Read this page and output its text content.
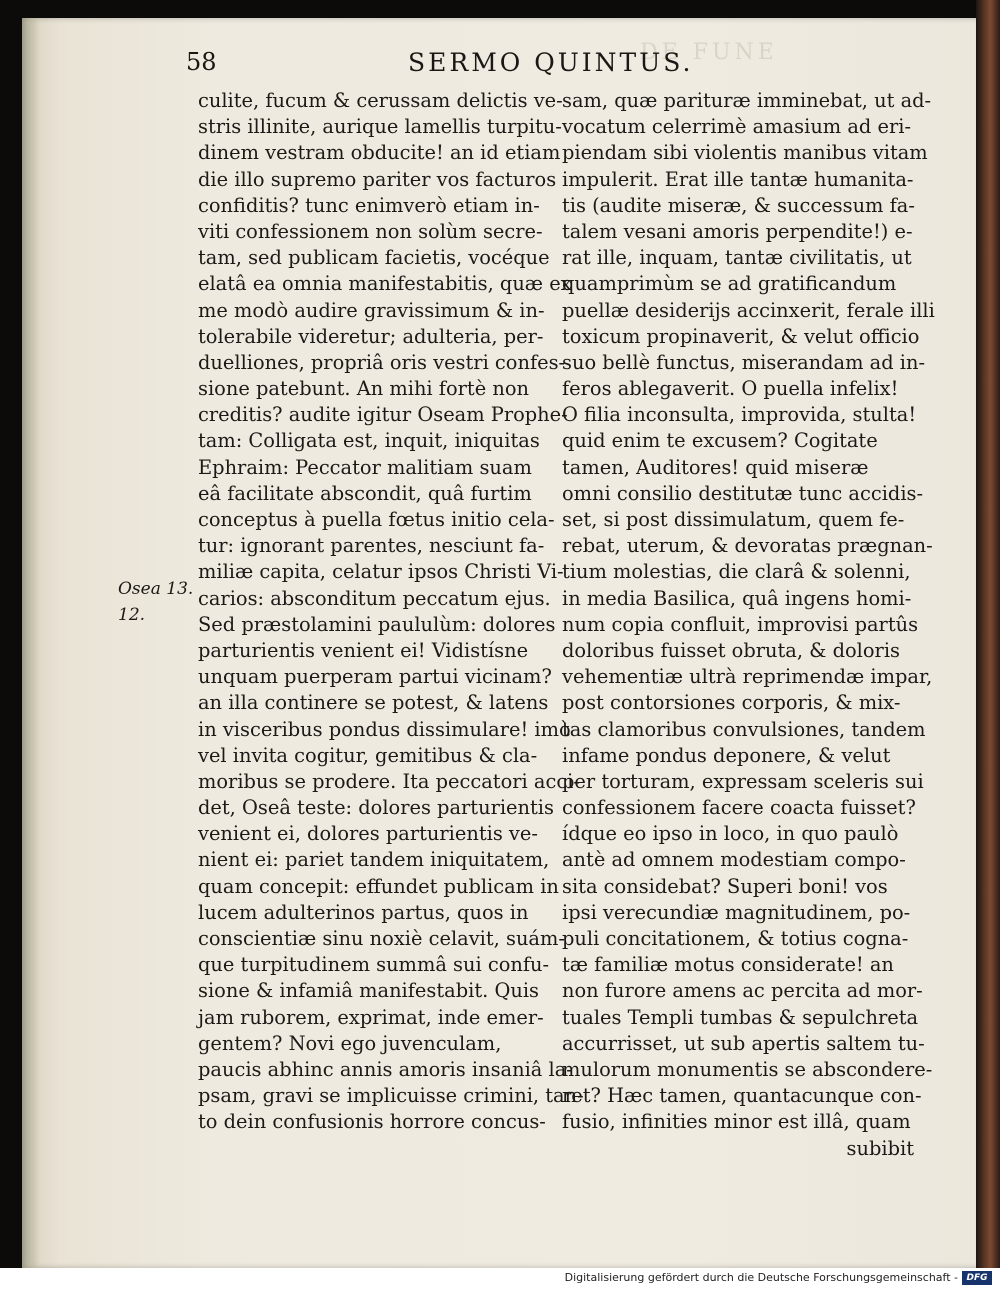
DE FUNE
58	SERMO QUINTUS.
Osea 13.
12.
culite, fucum & cerussam delictis ve-
stris illinite, aurique lamellis turpitu-
dinem vestram obducite! an id etiam
die illo supremo pariter vos facturos
confiditis? tunc enimverò etiam in-
viti confessionem non solùm secre-
tam, sed publicam facietis, vocéque
elatâ ea omnia manifestabitis, quæ ex
me modò audire gravissimum & in-
tolerabile videretur; adulteria, per-
duelliones, propriâ oris vestri confes-
sione patebunt. An mihi fortè non
creditis? audite igitur Oseam Prophe-
tam: Colligata est, inquit, iniquitas
Ephraim: Peccator malitiam suam
eâ facilitate abscondit, quâ furtim
conceptus à puella fœtus initio cela-
tur: ignorant parentes, nesciunt fa-
miliæ capita, celatur ipsos Christi Vi-
carios: absconditum peccatum ejus.
Sed præstolamini paululùm: dolores
parturientis venient ei! Vidistísne
unquam puerperam partui vicinam?
an illa continere se potest, & latens
in visceribus pondus dissimulare! imò
vel invita cogitur, gemitibus & cla-
moribus se prodere. Ita peccatori acci-
det, Oseâ teste: dolores parturientis
venient ei, dolores parturientis ve-
nient ei: pariet tandem iniquitatem,
quam concepit: effundet publicam in
lucem adulterinos partus, quos in
conscientiæ sinu noxiè celavit, suám-
que turpitudinem summâ sui confu-
sione & infamiâ manifestabit. Quis
jam ruborem, exprimat, inde emer-
gentem? Novi ego juvenculam,
paucis abhinc annis amoris insaniâ la-
psam, gravi se implicuisse crimini, tan-
to dein confusionis horrore concus-
sam, quæ parituræ imminebat, ut ad-
vocatum celerrimè amasium ad eri-
piendam sibi violentis manibus vitam
impulerit. Erat ille tantæ humanita-
tis (audite miseræ, & successum fa-
talem vesani amoris perpendite!) e-
rat ille, inquam, tantæ civilitatis, ut
quamprimùm se ad gratificandum
puellæ desiderijs accinxerit, ferale illi
toxicum propinaverit, & velut officio
suo bellè functus, miserandam ad in-
feros ablegaverit. O puella infelix!
O filia inconsulta, improvida, stulta!
quid enim te excusem? Cogitate
tamen, Auditores! quid miseræ
omni consilio destitutæ tunc accidis-
set, si post dissimulatum, quem fe-
rebat, uterum, & devoratas prægnan-
tium molestias, die clarâ & solenni,
in media Basilica, quâ ingens homi-
num copia confluit, improvisi partûs
doloribus fuisset obruta, & doloris
vehementiæ ultrà reprimendæ impar,
post contorsiones corporis, & mix-
tas clamoribus convulsiones, tandem
infame pondus deponere, & velut
per torturam, expressam sceleris sui
confessionem facere coacta fuisset?
ídque eo ipso in loco, in quo paulò
antè ad omnem modestiam compo-
sita considebat? Superi boni! vos
ipsi verecundiæ magnitudinem, po-
puli concitationem, & totius cogna-
tæ familiæ motus considerate! an
non furore amens ac percita ad mor-
tuales Templi tumbas & sepulchreta
accurrisset, ut sub apertis saltem tu-
mulorum monumentis se abscondere-
ret? Hæc tamen, quantacunque con-
fusio, infinities minor est illâ, quam
subibit
Digitalisierung gefördert durch die Deutsche Forschungsgemeinschaft - DFG
